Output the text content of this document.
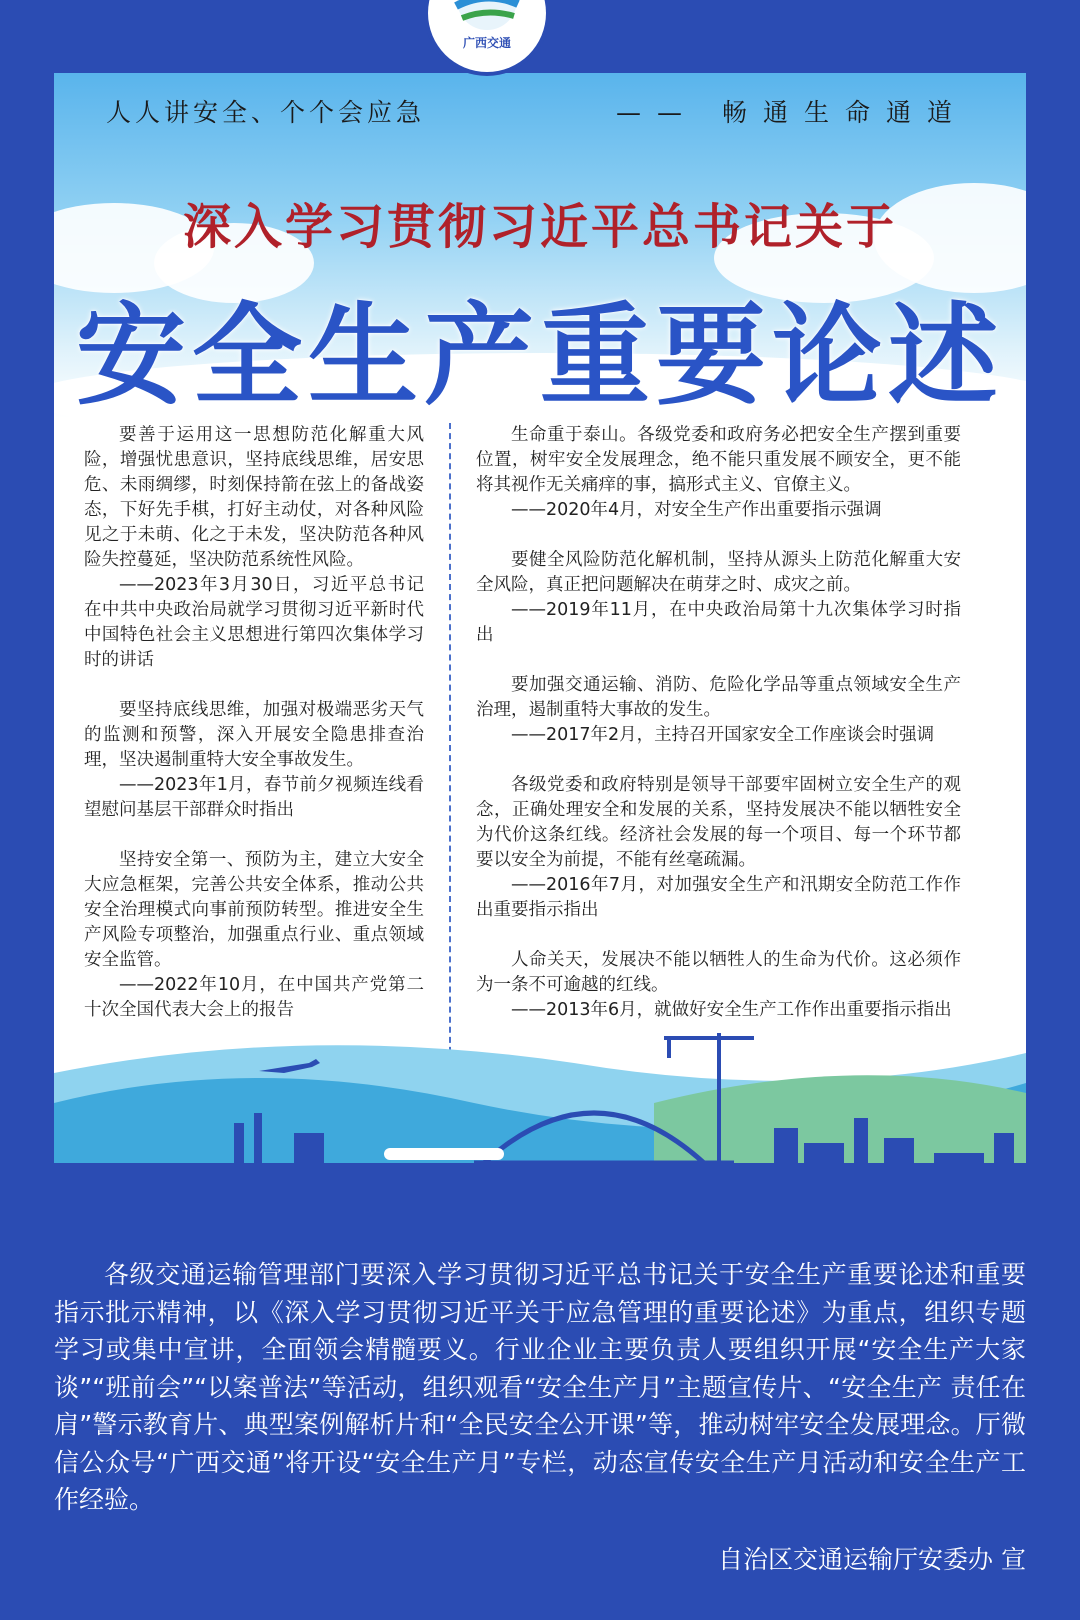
人人讲安全、个个会应急	—— 畅通生命通道
深入学习贯彻习近平总书记关于
安全生产重要论述

要善于运用这一思想防范化解重大风险，增强忧患意识，坚持底线思维，居安思危、未雨绸缪，时刻保持箭在弦上的备战姿态，下好先手棋，打好主动仗，对各种风险见之于未萌、化之于未发，坚决防范各种风险失控蔓延，坚决防范系统性风险。

——2023年3月30日，习近平总书记在中共中央政治局就学习贯彻习近平新时代中国特色社会主义思想进行第四次集体学习时的讲话

要坚持底线思维，加强对极端恶劣天气的监测和预警，深入开展安全隐患排查治理，坚决遏制重特大安全事故发生。

——2023年1月，春节前夕视频连线看望慰问基层干部群众时指出

坚持安全第一、预防为主，建立大安全大应急框架，完善公共安全体系，推动公共安全治理模式向事前预防转型。推进安全生产风险专项整治，加强重点行业、重点领域安全监管。

——2022年10月，在中国共产党第二十次全国代表大会上的报告

生命重于泰山。各级党委和政府务必把安全生产摆到重要位置，树牢安全发展理念，绝不能只重发展不顾安全，更不能将其视作无关痛痒的事，搞形式主义、官僚主义。

——2020年4月，对安全生产作出重要指示强调

要健全风险防范化解机制，坚持从源头上防范化解重大安全风险，真正把问题解决在萌芽之时、成灾之前。

——2019年11月，在中央政治局第十九次集体学习时指出

要加强交通运输、消防、危险化学品等重点领域安全生产治理，遏制重特大事故的发生。

——2017年2月，主持召开国家安全工作座谈会时强调

各级党委和政府特别是领导干部要牢固树立安全生产的观念，正确处理安全和发展的关系，坚持发展决不能以牺牲安全为代价这条红线。经济社会发展的每一个项目、每一个环节都要以安全为前提，不能有丝毫疏漏。

——2016年7月，对加强安全生产和汛期安全防范工作作出重要指示指出

人命关天，发展决不能以牺牲人的生命为代价。这必须作为一条不可逾越的红线。

——2013年6月，就做好安全生产工作作出重要指示指出

广西交通
各级交通运输管理部门要深入学习贯彻习近平总书记关于安全生产重要论述和重要指示批示精神，以《深入学习贯彻习近平关于应急管理的重要论述》为重点，组织专题学习或集中宣讲，全面领会精髓要义。行业企业主要负责人要组织开展“安全生产大家谈”“班前会”“以案普法”等活动，组织观看“安全生产月”主题宣传片、“安全生产 责任在肩”警示教育片、典型案例解析片和“全民安全公开课”等，推动树牢安全发展理念。厅微信公众号“广西交通”将开设“安全生产月”专栏，动态宣传安全生产月活动和安全生产工作经验。
自治区交通运输厅安委办 宣
